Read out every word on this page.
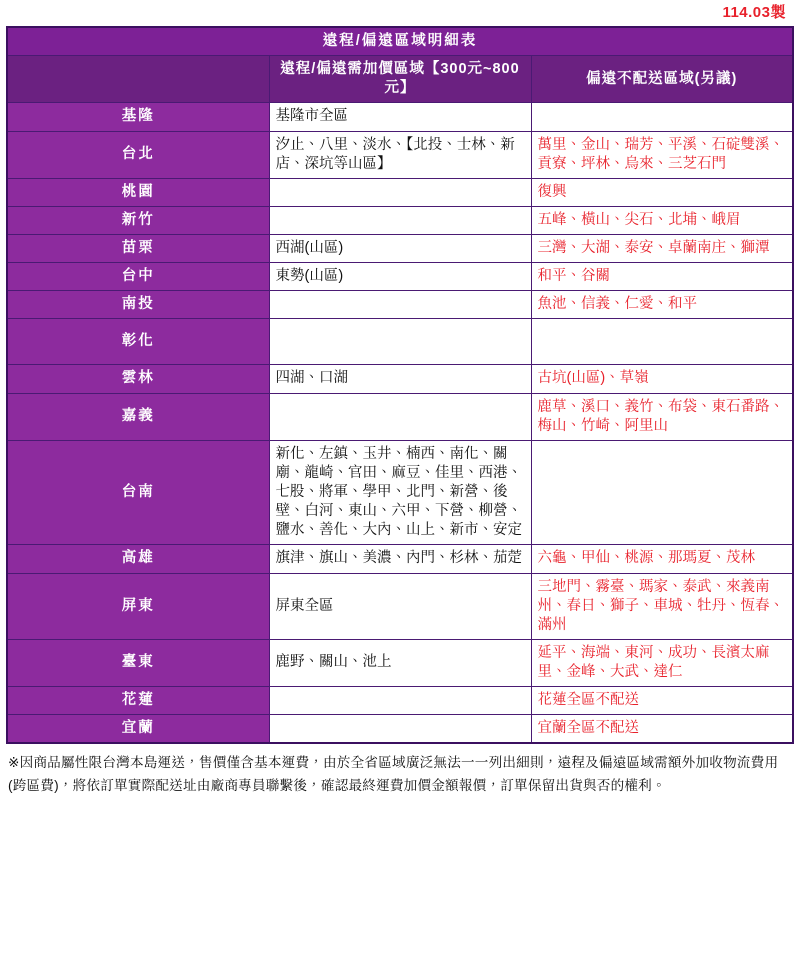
114.03製
遠程/偏遠區域明細表		
	遠程/偏遠需加價區域【300元~800元】	偏遠不配送區域(另議)
基隆	基隆市全區	
台北	汐止、八里、淡水、【北投、士林、新店、深坑等山區】	萬里、金山、瑞芳、平溪、石碇雙溪、貢寮、坪林、烏來、三芝石門
桃園		復興
新竹		五峰、橫山、尖石、北埔、峨眉
苗栗	西湖(山區)	三灣、大湖、泰安、卓蘭南庄、獅潭
台中	東勢(山區)	和平、谷關
南投		魚池、信義、仁愛、和平
彰化		
雲林	四湖、口湖	古坑(山區)、草嶺
嘉義		鹿草、溪口、義竹、布袋、東石番路、梅山、竹崎、阿里山
台南	新化、左鎮、玉井、楠西、南化、關廟、龍崎、官田、麻豆、佳里、西港、七股、將軍、學甲、北門、新營、後壁、白河、東山、六甲、下營、柳營、鹽水、善化、大內、山上、新市、安定	
高雄	旗津、旗山、美濃、內門、杉林、茄萣	六龜、甲仙、桃源、那瑪夏、茂林
屏東	屏東全區	三地門、霧臺、瑪家、泰武、來義南州、春日、獅子、車城、牡丹、恆春、滿州
臺東	鹿野、關山、池上	延平、海端、東河、成功、長濱太麻里、金峰、大武、達仁
花蓮		花蓮全區不配送
宜蘭		宜蘭全區不配送
※因商品屬性限台灣本島運送，售價僅含基本運費，由於全省區域廣泛無法一一列出細則，遠程及偏遠區域需額外加收物流費用(跨區費)，將依訂單實際配送址由廠商專員聯繫後，確認最終運費加價金額報價，訂單保留出貨與否的權利。
